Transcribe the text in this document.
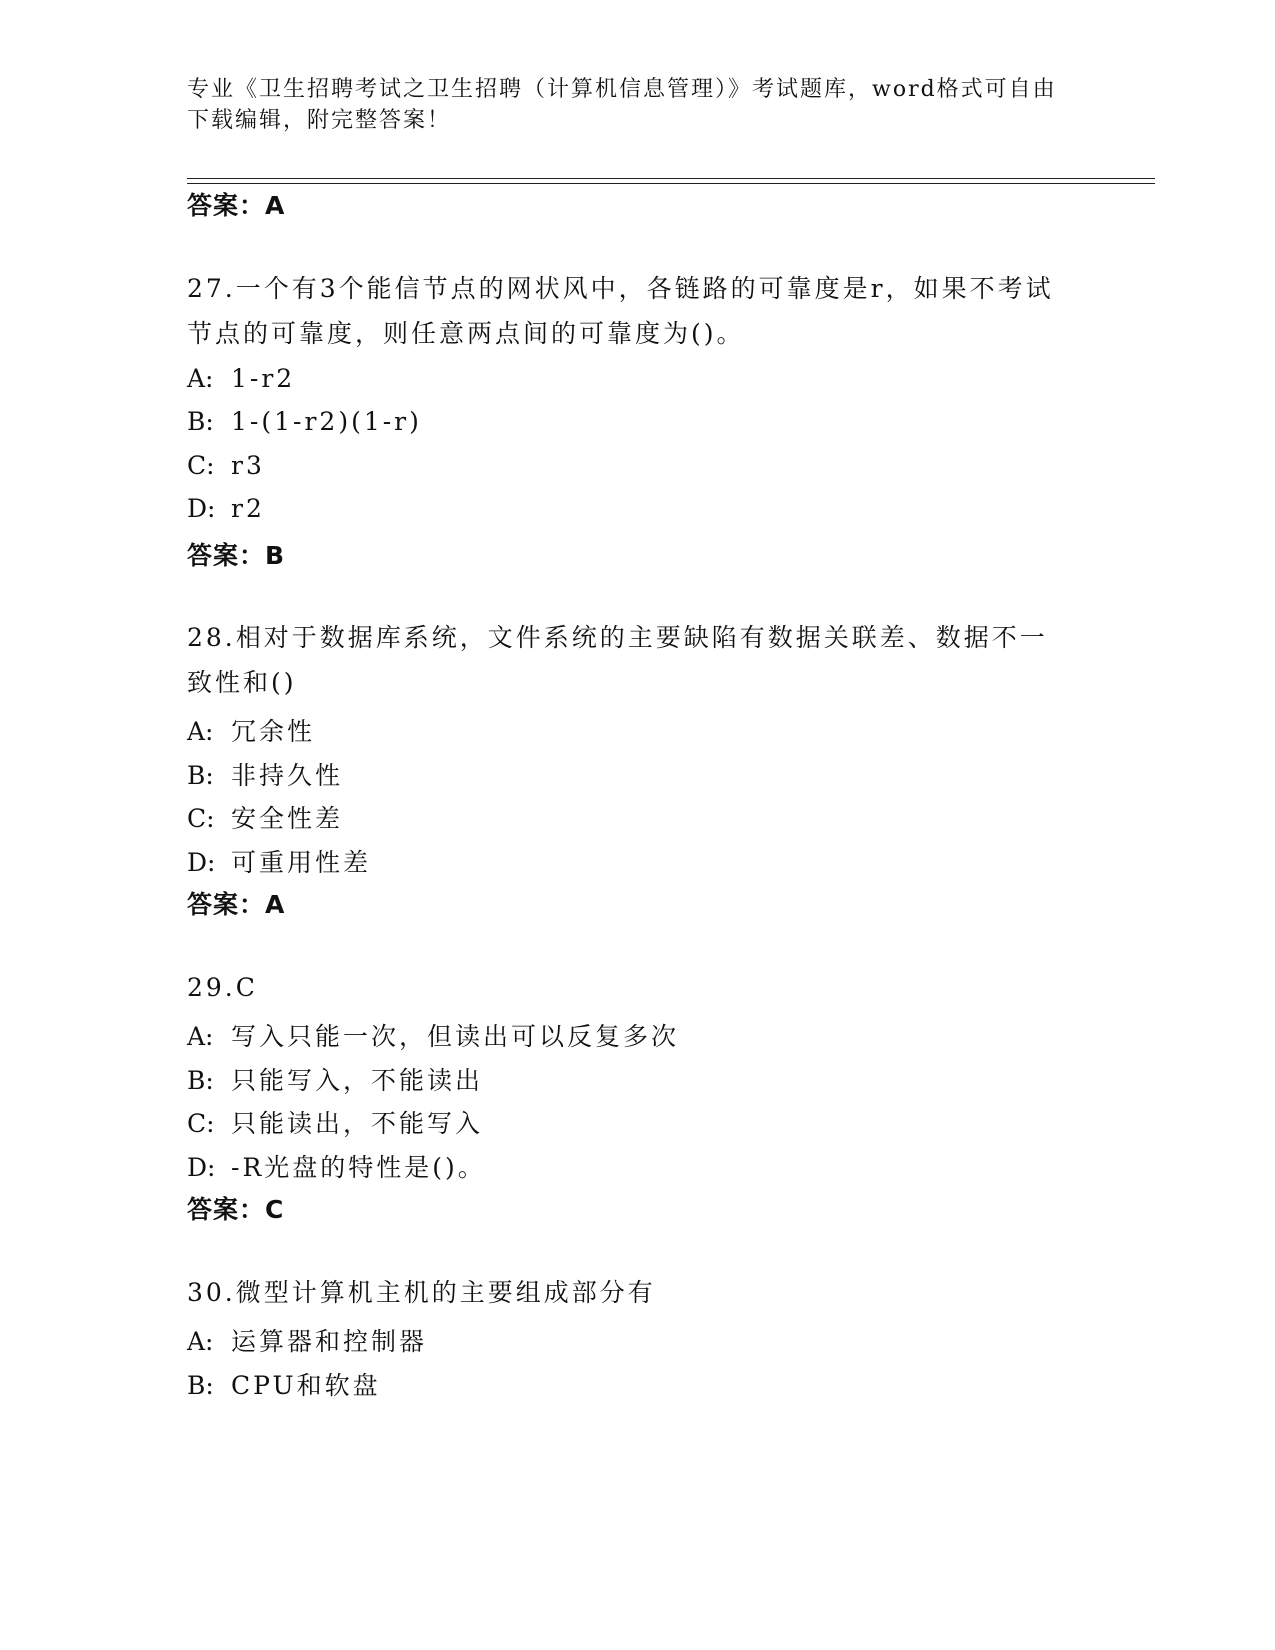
专业《卫生招聘考试之卫生招聘（计算机信息管理）》考试题库，word格式可自由下载编辑，附完整答案！
答案：A
27.一个有3个能信节点的网状风中，各链路的可靠度是r，如果不考试节点的可靠度，则任意两点间的可靠度为()。
A: 1-r2
B: 1-(1-r2)(1-r)
C: r3
D: r2
答案：B
28.相对于数据库系统，文件系统的主要缺陷有数据关联差、数据不一致性和()
A: 冗余性
B: 非持久性
C: 安全性差
D: 可重用性差
答案：A
29.C
A: 写入只能一次，但读出可以反复多次
B: 只能写入，不能读出
C: 只能读出，不能写入
D: -R光盘的特性是()。
答案：C
30.微型计算机主机的主要组成部分有
A: 运算器和控制器
B: CPU和软盘
